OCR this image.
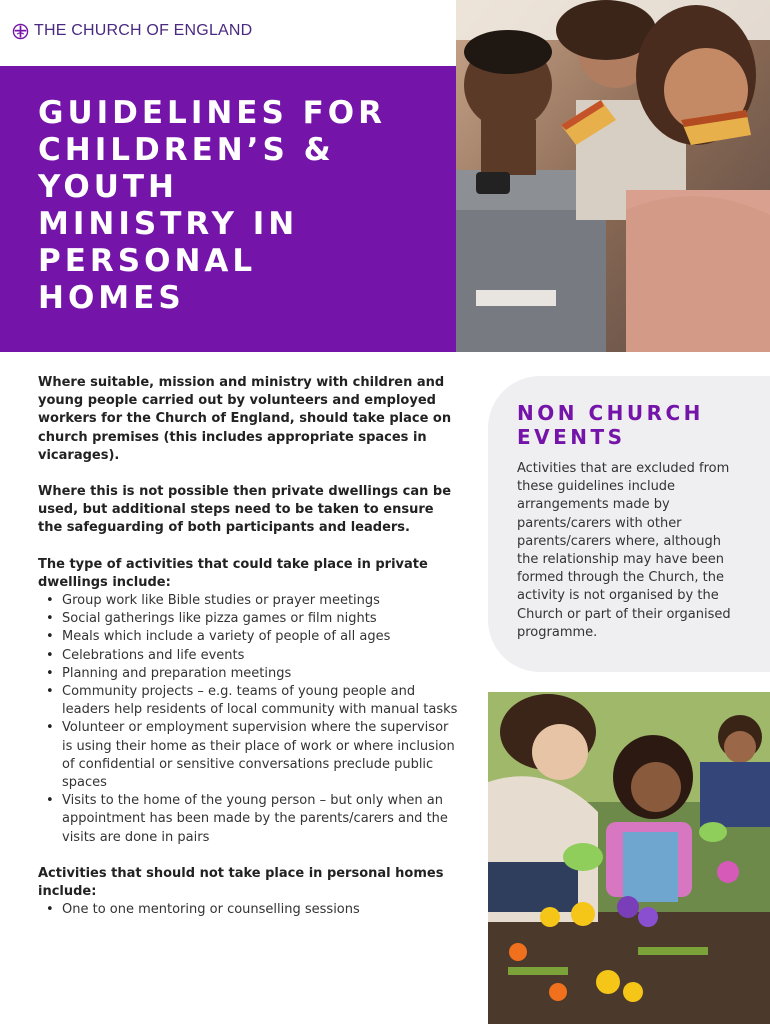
THE CHURCH OF ENGLAND
GUIDELINES FOR
CHILDREN’S &
YOUTH
MINISTRY IN
PERSONAL
HOMES

Where suitable, mission and ministry with children and young people carried out by volunteers and employed workers for the Church of England, should take place on church premises (this includes appropriate spaces in vicarages).

Where this is not possible then private dwellings can be used, but additional steps need to be taken to ensure the safeguarding of both participants and leaders.

The type of activities that could take place in private dwellings include:

• Group work like Bible studies or prayer meetings
• Social gatherings like pizza games or film nights
• Meals which include a variety of people of all ages
• Celebrations and life events
• Planning and preparation meetings
• Community projects – e.g. teams of young people and leaders help residents of local community with manual tasks
• Volunteer or employment supervision where the supervisor is using their home as their place of work or where inclusion of confidential or sensitive conversations preclude public spaces
• Visits to the home of the young person – but only when an appointment has been made by the parents/carers and the visits are done in pairs

Activities that should not take place in personal homes include:

• One to one mentoring or counselling sessions
NON CHURCH EVENTS
Activities that are excluded from these guidelines include arrangements made by parents/carers with other parents/carers where, although the relationship may have been formed through the Church, the activity is not organised by the Church or part of their organised programme.
